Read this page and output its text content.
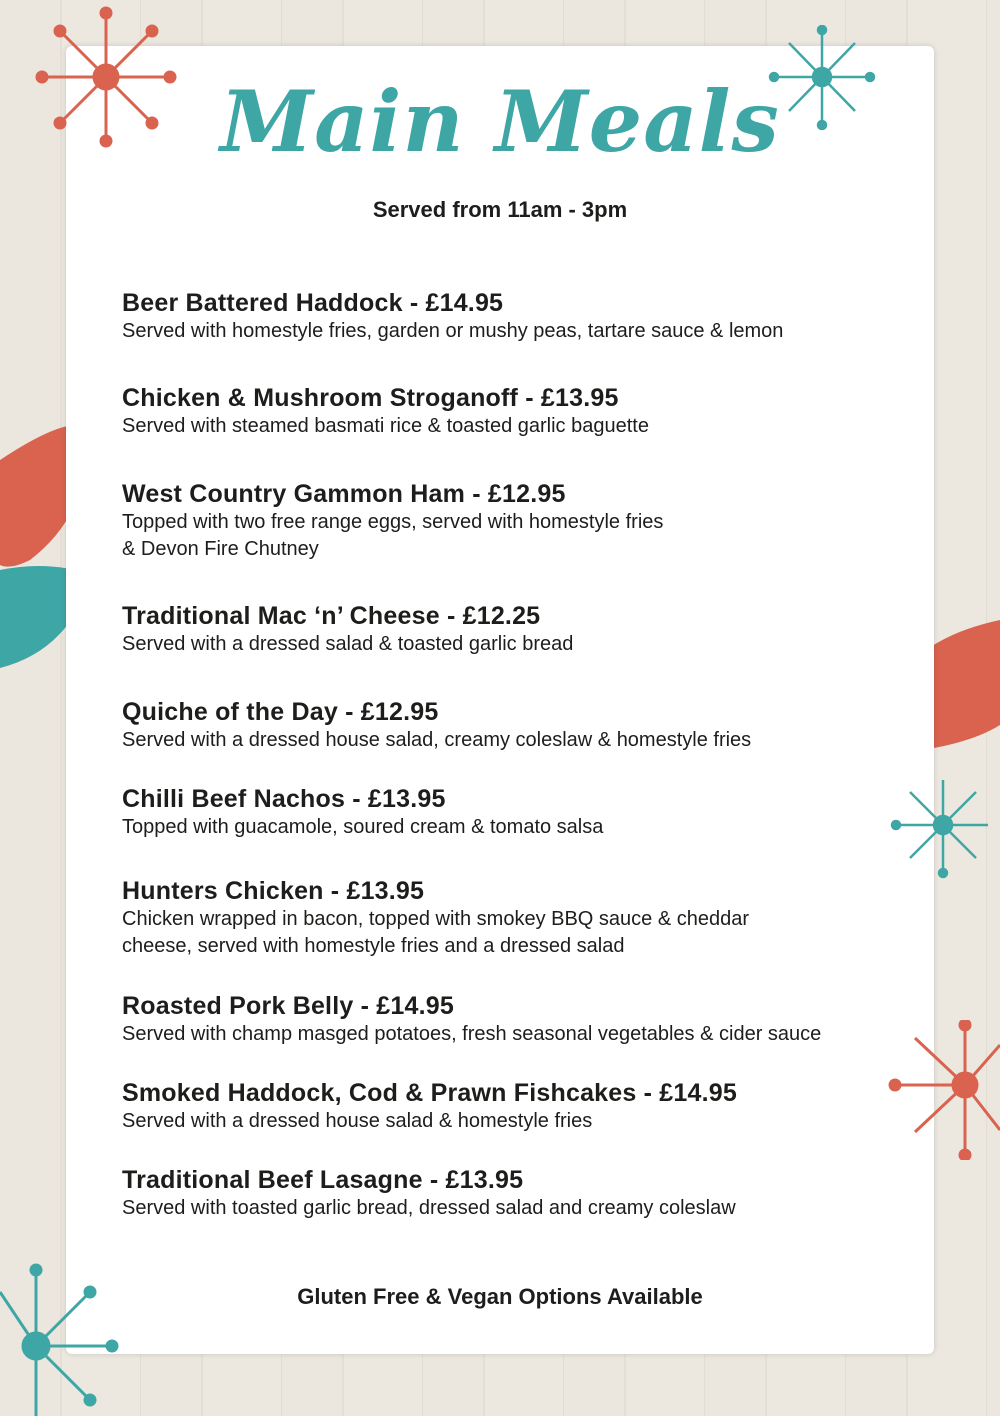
Main Meals
Served from 11am - 3pm
Beer Battered Haddock - £14.95

Served with homestyle fries, garden or mushy peas, tartare sauce & lemon

Chicken & Mushroom Stroganoff - £13.95

Served with steamed basmati rice & toasted garlic baguette

West Country Gammon Ham - £12.95

Topped with two free range eggs, served with homestyle fries
& Devon Fire Chutney

Traditional Mac ‘n’ Cheese - £12.25

Served with a dressed salad & toasted garlic bread

Quiche of the Day - £12.95

Served with a dressed house salad, creamy coleslaw & homestyle fries

Chilli Beef Nachos - £13.95

Topped with guacamole, soured cream & tomato salsa

Hunters Chicken - £13.95

Chicken wrapped in bacon, topped with smokey BBQ sauce & cheddar
cheese, served with homestyle fries and a dressed salad

Roasted Pork Belly - £14.95

Served with champ masged potatoes, fresh seasonal vegetables & cider sauce

Smoked Haddock, Cod & Prawn Fishcakes - £14.95

Served with a dressed house salad & homestyle fries

Traditional Beef Lasagne - £13.95

Served with toasted garlic bread, dressed salad and creamy coleslaw

Gluten Free & Vegan Options Available
